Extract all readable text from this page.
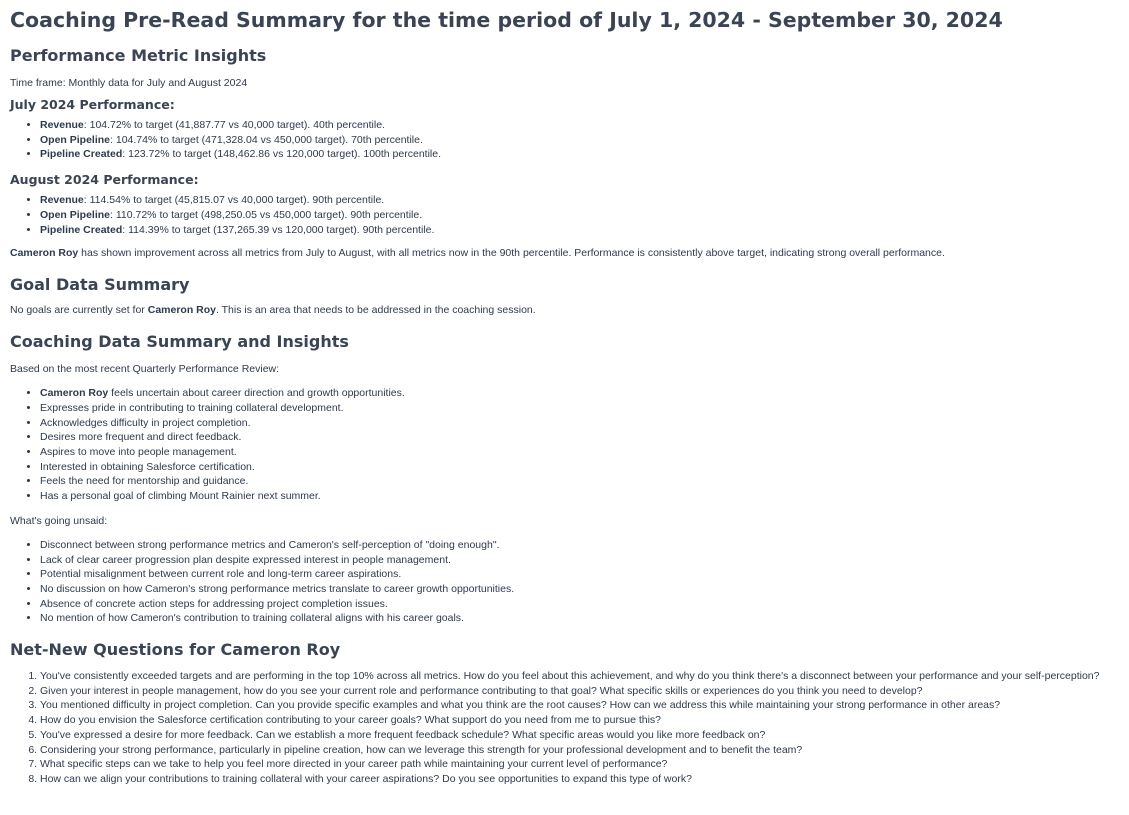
Coaching Pre-Read Summary for the time period of July 1, 2024 - September 30, 2024
Performance Metric Insights

Time frame: Monthly data for July and August 2024

July 2024 Performance:
• Revenue: 104.72% to target (41,887.77 vs 40,000 target). 40th percentile.
• Open Pipeline: 104.74% to target (471,328.04 vs 450,000 target). 70th percentile.
• Pipeline Created: 123.72% to target (148,462.86 vs 120,000 target). 100th percentile.
August 2024 Performance:
• Revenue: 114.54% to target (45,815.07 vs 40,000 target). 90th percentile.
• Open Pipeline: 110.72% to target (498,250.05 vs 450,000 target). 90th percentile.
• Pipeline Created: 114.39% to target (137,265.39 vs 120,000 target). 90th percentile.

Cameron Roy has shown improvement across all metrics from July to August, with all metrics now in the 90th percentile. Performance is consistently above target, indicating strong overall performance.

Goal Data Summary

No goals are currently set for Cameron Roy. This is an area that needs to be addressed in the coaching session.

Coaching Data Summary and Insights

Based on the most recent Quarterly Performance Review:

• Cameron Roy feels uncertain about career direction and growth opportunities.
• Expresses pride in contributing to training collateral development.
• Acknowledges difficulty in project completion.
• Desires more frequent and direct feedback.
• Aspires to move into people management.
• Interested in obtaining Salesforce certification.
• Feels the need for mentorship and guidance.
• Has a personal goal of climbing Mount Rainier next summer.

What's going unsaid:

• Disconnect between strong performance metrics and Cameron's self-perception of "doing enough".
• Lack of clear career progression plan despite expressed interest in people management.
• Potential misalignment between current role and long-term career aspirations.
• No discussion on how Cameron's strong performance metrics translate to career growth opportunities.
• Absence of concrete action steps for addressing project completion issues.
• No mention of how Cameron's contribution to training collateral aligns with his career goals.
Net-New Questions for Cameron Roy
1. You've consistently exceeded targets and are performing in the top 10% across all metrics. How do you feel about this achievement, and why do you think there's a disconnect between your performance and your self-perception?
2. Given your interest in people management, how do you see your current role and performance contributing to that goal? What specific skills or experiences do you think you need to develop?
3. You mentioned difficulty in project completion. Can you provide specific examples and what you think are the root causes? How can we address this while maintaining your strong performance in other areas?
4. How do you envision the Salesforce certification contributing to your career goals? What support do you need from me to pursue this?
5. You've expressed a desire for more feedback. Can we establish a more frequent feedback schedule? What specific areas would you like more feedback on?
6. Considering your strong performance, particularly in pipeline creation, how can we leverage this strength for your professional development and to benefit the team?
7. What specific steps can we take to help you feel more directed in your career path while maintaining your current level of performance?
8. How can we align your contributions to training collateral with your career aspirations? Do you see opportunities to expand this type of work?
